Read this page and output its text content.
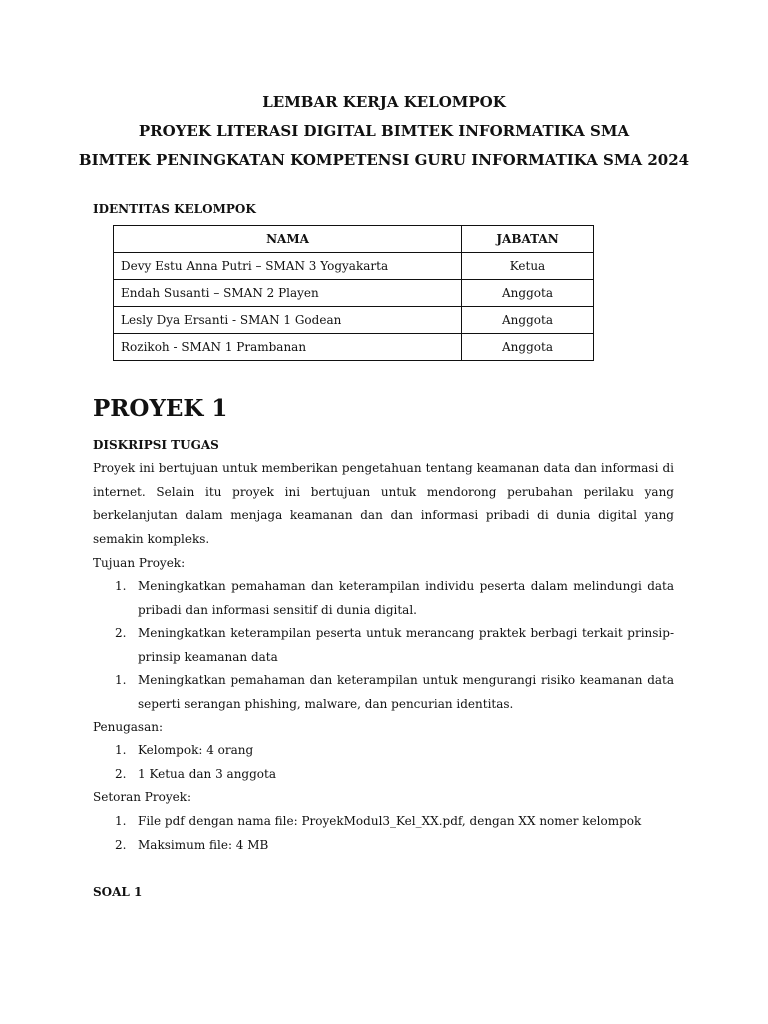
LEMBAR KERJA KELOMPOK
PROYEK LITERASI DIGITAL BIMTEK INFORMATIKA SMA
BIMTEK PENINGKATAN KOMPETENSI GURU INFORMATIKA SMA 2024
IDENTITAS KELOMPOK
NAMA	JABATAN
Devy Estu Anna Putri – SMAN 3 Yogyakarta	Ketua
Endah Susanti – SMAN 2 Playen	Anggota
Lesly Dya Ersanti - SMAN 1 Godean	Anggota
Rozikoh - SMAN 1 Prambanan	Anggota
PROYEK 1
DISKRIPSI TUGAS
Proyek ini bertujuan untuk memberikan pengetahuan tentang keamanan data dan informasi di internet. Selain itu proyek ini bertujuan untuk mendorong perubahan perilaku yang berkelanjutan dalam menjaga keamanan dan dan informasi pribadi di dunia digital yang semakin kompleks.
Tujuan Proyek:
1. Meningkatkan pemahaman dan keterampilan individu peserta dalam melindungi data pribadi dan informasi sensitif di dunia digital.
2. Meningkatkan keterampilan peserta untuk merancang praktek berbagi terkait prinsip-prinsip keamanan data
1. Meningkatkan pemahaman dan keterampilan untuk mengurangi risiko keamanan data seperti serangan phishing, malware, dan pencurian identitas.
Penugasan:
1. Kelompok: 4 orang
2. 1 Ketua dan 3 anggota
Setoran Proyek:
1. File pdf dengan nama file: ProyekModul3_Kel_XX.pdf, dengan XX nomer kelompok
2. Maksimum file: 4 MB
SOAL 1
